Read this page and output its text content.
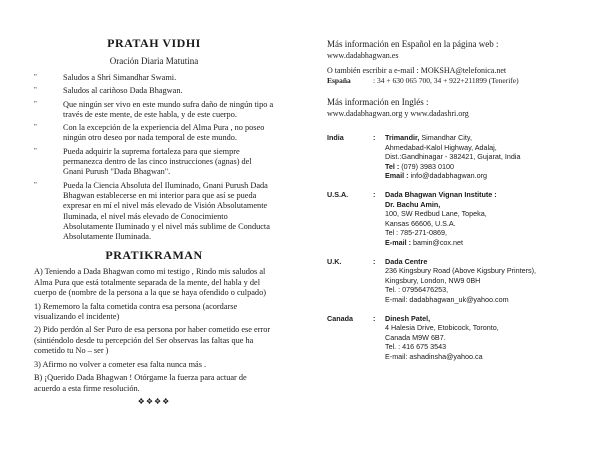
PRATAH VIDHI
Oración Diaria Matutina
"	Saludos a Shri Simandhar Swami.
"	Saludos al cariñoso Dada Bhagwan.
"	Que ningún ser vivo en este mundo sufra daño de ningún tipo a través de este mente, de este habla, y de este cuerpo.
"	Con la excepción de la experiencia del Alma Pura , no poseo ningún otro deseo por nada temporal de este mundo.
"	Pueda adquirir la suprema fortaleza para que siempre permanezca dentro de las cinco instrucciones (agnas) del Gnani Purush "Dada Bhagwan".
"	Pueda la Ciencia Absoluta del Iluminado, Gnani Purush Dada Bhagwan establecerse en mi interior para que así se pueda expresar en mí el nivel más elevado de Visión Absolutamente Iluminada, el nivel más elevado de Conocimiento Absolutamente Iluminado y el nivel más sublime de Conducta Absolutamente Iluminada.
PRATIKRAMAN

A) Teniendo a Dada Bhagwan como mi testigo , Rindo mis saludos al Alma Pura que está totalmente separada de la mente, del habla y del cuerpo de (nombre de la persona a la que se haya ofendido o culpado)

1) Rememoro la falta cometida contra esa persona (acordarse visualizando el incidente)

2) Pido perdón al Ser Puro de esa persona por haber cometido ese error (sintiéndolo desde tu percepción del Ser observas las faltas que ha cometido tu No – ser )

3) Afirmo no volver a cometer esa falta nunca más .

B) ¡Querido Dada Bhagwan ! Otórgame la fuerza para actuar de acuerdo a esta firme resolución.

❖❖❖❖
Más información en Español en la página web :
www.dadabhagwan.es
O también escribir a e-mail : MOKSHA@telefonica.net
España	: 34 + 630 065 700, 34 + 922+211899 (Tenerife)
Más información en Inglés :
www.dadabhagwan.org y www.dadashri.org
India	:	Trimandir, Simandhar City,
Ahmedabad-Kalol Highway, Adalaj,
Dist.:Gandhinagar - 382421, Gujarat, India
Tel : (079) 3983 0100
Email : info@dadabhagwan.org
U.S.A.	:	Dada Bhagwan Vignan Institute :
Dr. Bachu Amin,
100, SW Redbud Lane, Topeka,
Kansas 66606, U.S.A.
Tel : 785-271-0869,
E-mail : bamin@cox.net
U.K.	:	Dada Centre
236 Kingsbury Road (Above Kigsbury Printers),
Kingsbury, London, NW9 0BH
Tel. : 07956476253,
E-mail: dadabhagwan_uk@yahoo.com
Canada	:	Dinesh Patel,
4 Halesia Drive, Etobicock, Toronto,
Canada M9W 6B7.
Tel. : 416 675 3543
E-mail: ashadinsha@yahoo.ca
